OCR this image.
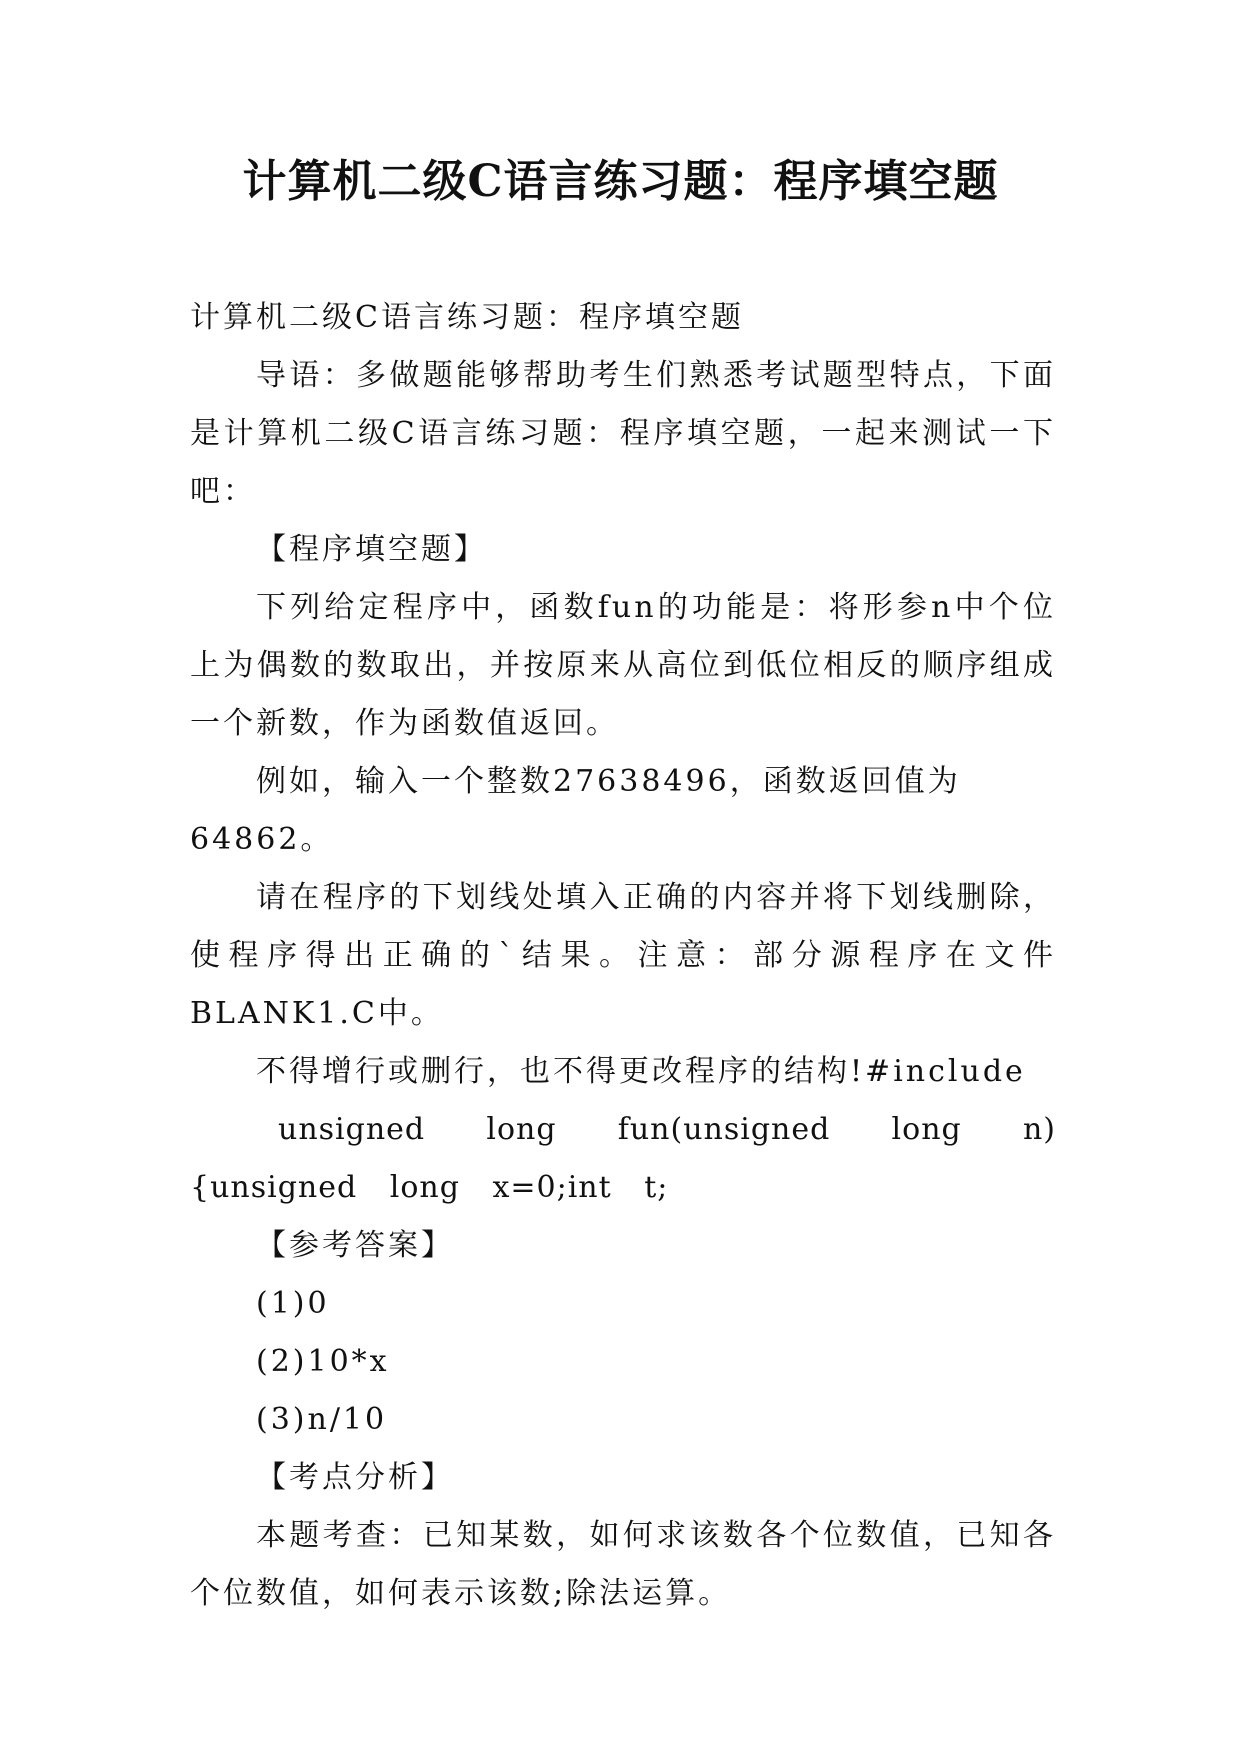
计算机二级C语言练习题：程序填空题

计算机二级C语言练习题：程序填空题

导语：多做题能够帮助考生们熟悉考试题型特点，下面是计算机二级C语言练习题：程序填空题，一起来测试一下吧：

【程序填空题】

下列给定程序中，函数fun的功能是：将形参n中个位上为偶数的数取出，并按原来从高位到低位相反的顺序组成一个新数，作为函数值返回。

例如，输入一个整数27638496，函数返回值为64862。

请在程序的下划线处填入正确的内容并将下划线删除，使程序得出正确的`结果。注意：部分源程序在文件BLANK1.C中。

不得增行或删行，也不得更改程序的结构!#include

unsigned long fun(unsigned long n){unsigned long x=0;int t;

【参考答案】

(1)0

(2)10*x

(3)n/10

【考点分析】

本题考查：已知某数，如何求该数各个位数值，已知各个位数值，如何表示该数;除法运算。
